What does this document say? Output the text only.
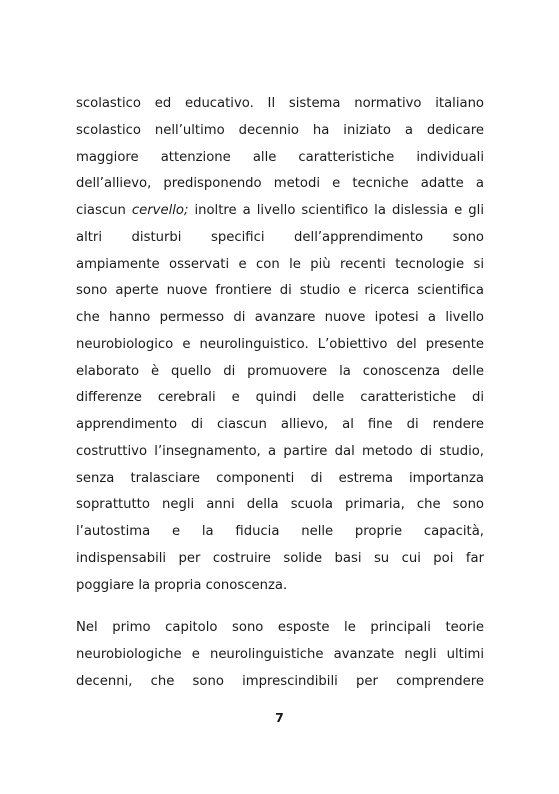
scolastico ed educativo. Il sistema normativo italiano
scolastico nell’ultimo decennio ha iniziato a dedicare
maggiore attenzione alle caratteristiche individuali
dell’allievo, predisponendo metodi e tecniche adatte a
ciascun cervello; inoltre a livello scientifico la dislessia e gli
altri disturbi specifici dell’apprendimento sono
ampiamente osservati e con le più recenti tecnologie si
sono aperte nuove frontiere di studio e ricerca scientifica
che hanno permesso di avanzare nuove ipotesi a livello
neurobiologico e neurolinguistico. L’obiettivo del presente
elaborato è quello di promuovere la conoscenza delle
differenze cerebrali e quindi delle caratteristiche di
apprendimento di ciascun allievo, al fine di rendere
costruttivo l’insegnamento, a partire dal metodo di studio,
senza tralasciare componenti di estrema importanza
soprattutto negli anni della scuola primaria, che sono
l’autostima e la fiducia nelle proprie capacità,
indispensabili per costruire solide basi su cui poi far
poggiare la propria conoscenza.

Nel primo capitolo sono esposte le principali teorie
neurobiologiche e neurolinguistiche avanzate negli ultimi
decenni, che sono imprescindibili per comprendere

7
